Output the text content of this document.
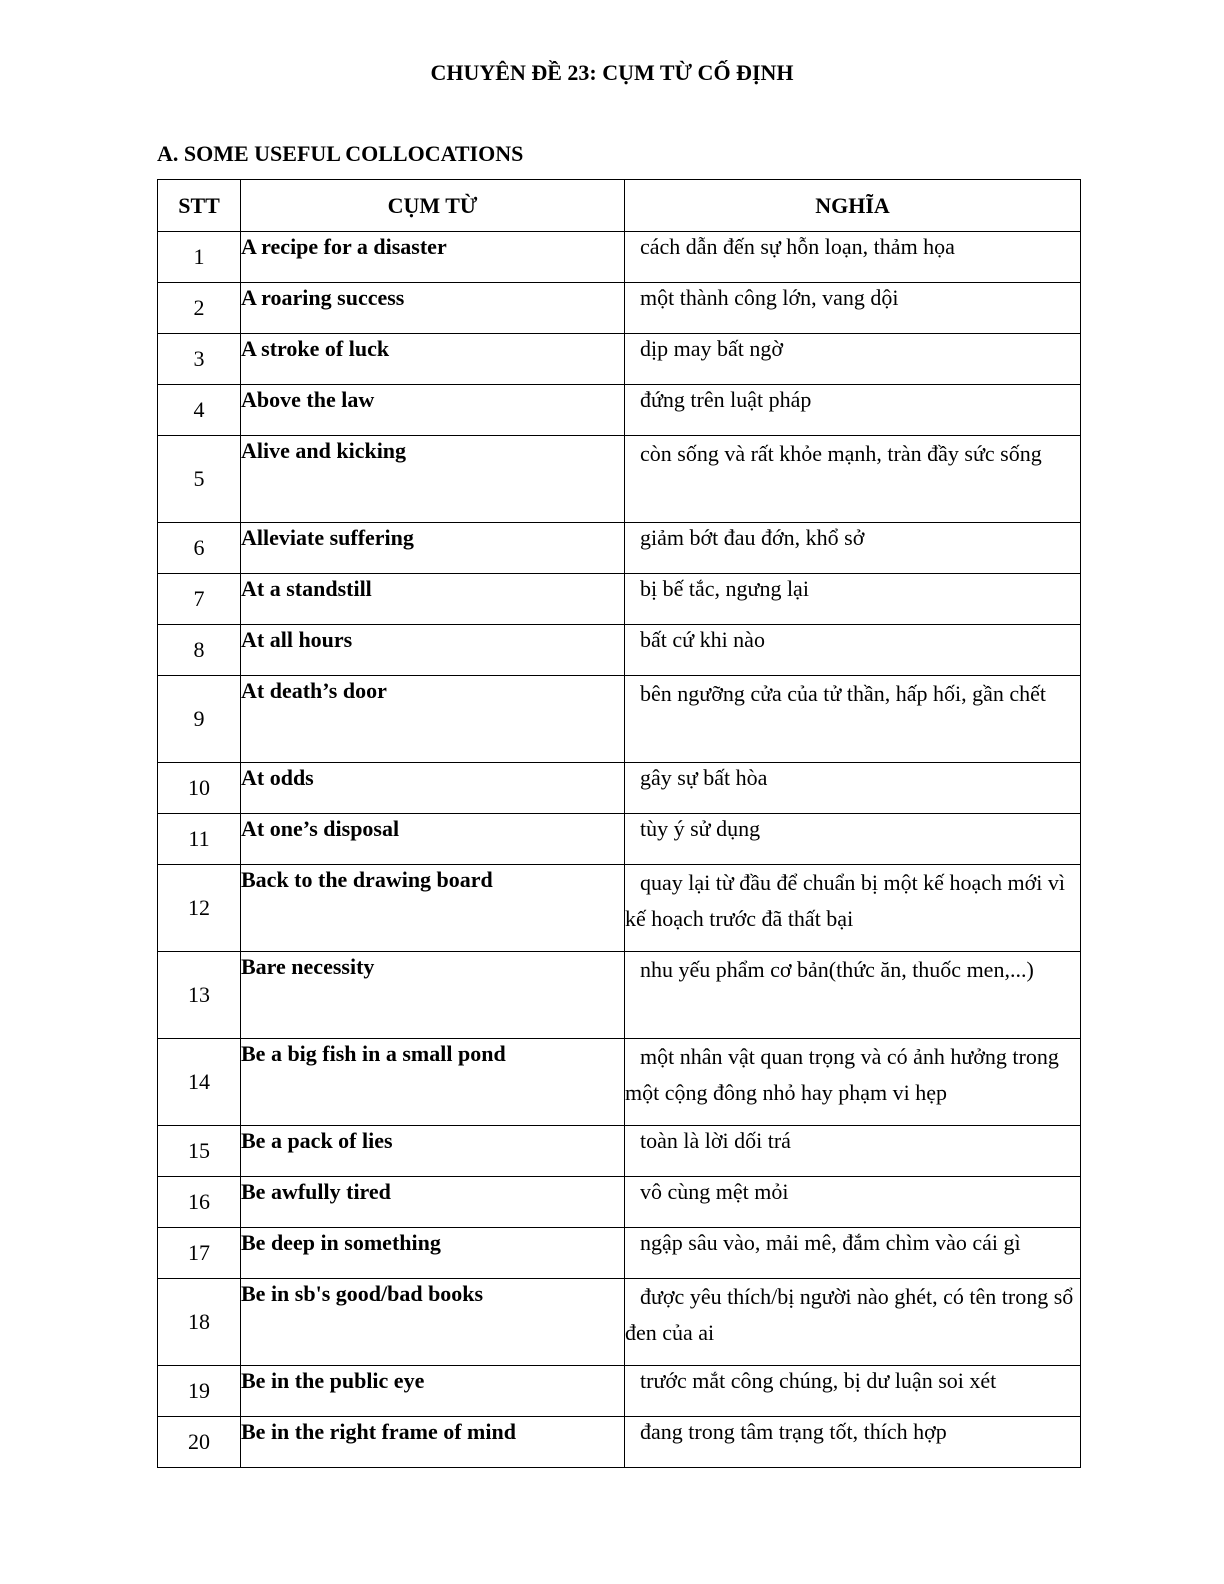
CHUYÊN ĐỀ 23: CỤM TỪ CỐ ĐỊNH
A. SOME USEFUL COLLOCATIONS
STT	CỤM TỪ	NGHĨA
1	A recipe for a disaster	cách dẫn đến sự hỗn loạn, thảm họa
2	A roaring success	một thành công lớn, vang dội
3	A stroke of luck	dịp may bất ngờ
4	Above the law	đứng trên luật pháp
5	Alive and kicking	còn sống và rất khỏe mạnh, tràn đầy sức sống
6	Alleviate suffering	giảm bớt đau đớn, khổ sở
7	At a standstill	bị bế tắc, ngưng lại
8	At all hours	bất cứ khi nào
9	At death’s door	bên ngưỡng cửa của tử thần, hấp hối, gần chết
10	At odds	gây sự bất hòa
11	At one’s disposal	tùy ý sử dụng
12	Back to the drawing board	quay lại từ đầu để chuẩn bị một kế hoạch mới vì kế hoạch trước đã thất bại
13	Bare necessity	nhu yếu phẩm cơ bản(thức ăn, thuốc men,...)
14	Be a big fish in a small pond	một nhân vật quan trọng và có ảnh hưởng trong một cộng đông nhỏ hay phạm vi hẹp
15	Be a pack of lies	toàn là lời dối trá
16	Be awfully tired	vô cùng mệt mỏi
17	Be deep in something	ngập sâu vào, mải mê, đắm chìm vào cái gì
18	Be in sb's good/bad books	được yêu thích/bị người nào ghét, có tên trong sổ đen của ai
19	Be in the public eye	trước mắt công chúng, bị dư luận soi xét
20	Be in the right frame of mind	đang trong tâm trạng tốt, thích hợp
